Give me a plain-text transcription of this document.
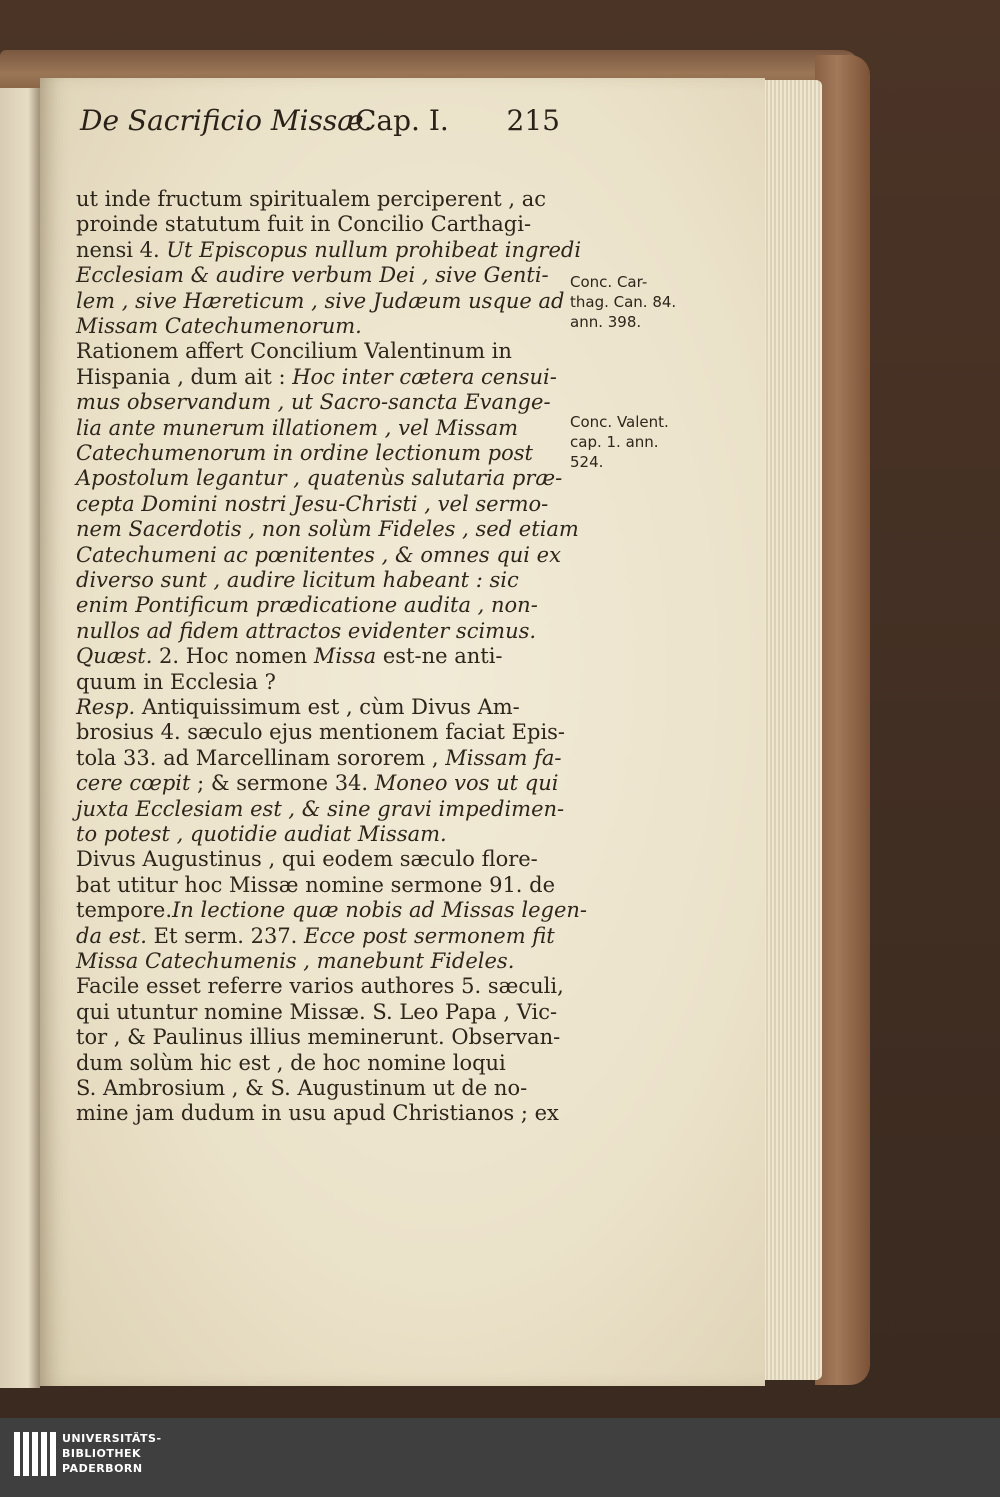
De Sacrificio Missæ.
Cap. I. 215
ut inde fructum spiritualem perciperent , ac
proinde statutum fuit in Concilio Carthagi-
nensi 4. Ut Episcopus nullum prohibeat ingredi
Ecclesiam & audire verbum Dei , sive Genti-
lem , sive Hæreticum , sive Judæum usque ad
Missam Catechumenorum.
Rationem affert Concilium Valentinum in
Hispania , dum ait : Hoc inter cætera censui-
mus observandum , ut Sacro-sancta Evange-
lia ante munerum illationem , vel Missam
Catechumenorum in ordine lectionum post
Apostolum legantur , quatenùs salutaria præ-
cepta Domini nostri Jesu-Christi , vel sermo-
nem Sacerdotis , non solùm Fideles , sed etiam
Catechumeni ac pœnitentes , & omnes qui ex
diverso sunt , audire licitum habeant : sic
enim Pontificum prædicatione audita , non-
nullos ad fidem attractos evidenter scimus.
Quæst. 2. Hoc nomen Missa est-ne anti-
quum in Ecclesia ?
Resp. Antiquissimum est , cùm Divus Am-
brosius 4. sæculo ejus mentionem faciat Epis-
tola 33. ad Marcellinam sororem , Missam fa-
cere cœpit ; & sermone 34. Moneo vos ut qui
juxta Ecclesiam est , & sine gravi impedimen-
to potest , quotidie audiat Missam.
Divus Augustinus , qui eodem sæculo flore-
bat utitur hoc Missæ nomine sermone 91. de
tempore.In lectione quæ nobis ad Missas legen-
da est. Et serm. 237. Ecce post sermonem fit
Missa Catechumenis , manebunt Fideles.
Facile esset referre varios authores 5. sæculi,
qui utuntur nomine Missæ. S. Leo Papa , Vic-
tor , & Paulinus illius meminerunt. Observan-
dum solùm hic est , de hoc nomine loqui
S. Ambrosium , & S. Augustinum ut de no-
mine jam dudum in usu apud Christianos ; ex
Conc. Car-
thag. Can. 84.
ann. 398.
Conc. Valent.
cap. 1. ann.
524.
UNIVERSITÄTS-
BIBLIOTHEK
PADERBORN
